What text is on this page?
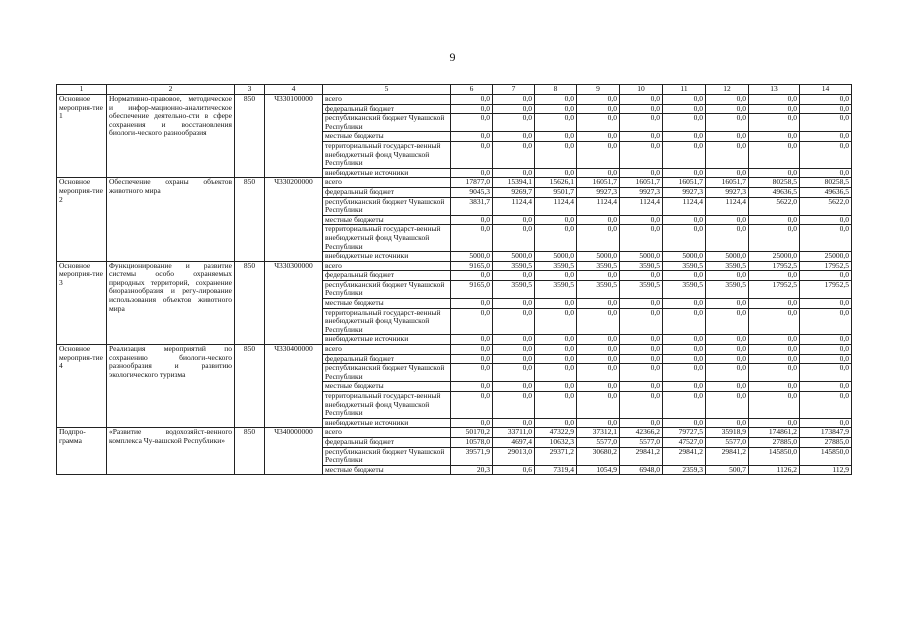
9
1	2	3	4	5	6	7	8	9	10	11	12	13	14
Основное мероприя-тие 1	Нормативно-правовое, методическое и инфор-мационно-аналитическое обеспечение деятельно-сти в сфере сохранения и восстановления биологи-ческого разнообразия	850	Ч330100000	всего	0,0	0,0	0,0	0,0	0,0	0,0	0,0	0,0	0,0
				федеральный бюджет	0,0	0,0	0,0	0,0	0,0	0,0	0,0	0,0	0,0
				республиканский бюджет Чувашской Республики	0,0	0,0	0,0	0,0	0,0	0,0	0,0	0,0	0,0
				местные бюджеты	0,0	0,0	0,0	0,0	0,0	0,0	0,0	0,0	0,0
				территориальный государст-венный внебюджетный фонд Чувашской Республики	0,0	0,0	0,0	0,0	0,0	0,0	0,0	0,0	0,0
				внебюджетные источники	0,0	0,0	0,0	0,0	0,0	0,0	0,0	0,0	0,0
Основное мероприя-тие 2	Обеспечение охраны объектов животного мира	850	Ч330200000	всего	17877,0	15394,1	15626,1	16051,7	16051,7	16051,7	16051,7	80258,5	80258,5
				федеральный бюджет	9045,3	9269,7	9501,7	9927,3	9927,3	9927,3	9927,3	49636,5	49636,5
				республиканский бюджет Чувашской Республики	3831,7	1124,4	1124,4	1124,4	1124,4	1124,4	1124,4	5622,0	5622,0
				местные бюджеты	0,0	0,0	0,0	0,0	0,0	0,0	0,0	0,0	0,0
				территориальный государст-венный внебюджетный фонд Чувашской Республики	0,0	0,0	0,0	0,0	0,0	0,0	0,0	0,0	0,0
				внебюджетные источники	5000,0	5000,0	5000,0	5000,0	5000,0	5000,0	5000,0	25000,0	25000,0
Основное мероприя-тие 3	Функционирование и развитие системы особо охраняемых природных территорий, сохранение биоразнообразия и регу-лирование использования объектов животного мира	850	Ч330300000	всего	9165,0	3590,5	3590,5	3590,5	3590,5	3590,5	3590,5	17952,5	17952,5
				федеральный бюджет	0,0	0,0	0,0	0,0	0,0	0,0	0,0	0,0	0,0
				республиканский бюджет Чувашской Республики	9165,0	3590,5	3590,5	3590,5	3590,5	3590,5	3590,5	17952,5	17952,5
				местные бюджеты	0,0	0,0	0,0	0,0	0,0	0,0	0,0	0,0	0,0
				территориальный государст-венный внебюджетный фонд Чувашской Республики	0,0	0,0	0,0	0,0	0,0	0,0	0,0	0,0	0,0
				внебюджетные источники	0,0	0,0	0,0	0,0	0,0	0,0	0,0	0,0	0,0
Основное мероприя-тие 4	Реализация мероприятий по сохранению биологи-ческого разнообразия и развитию экологического туризма	850	Ч330400000	всего	0,0	0,0	0,0	0,0	0,0	0,0	0,0	0,0	0,0
				федеральный бюджет	0,0	0,0	0,0	0,0	0,0	0,0	0,0	0,0	0,0
				республиканский бюджет Чувашской Республики	0,0	0,0	0,0	0,0	0,0	0,0	0,0	0,0	0,0
				местные бюджеты	0,0	0,0	0,0	0,0	0,0	0,0	0,0	0,0	0,0
				территориальный государст-венный внебюджетный фонд Чувашской Республики	0,0	0,0	0,0	0,0	0,0	0,0	0,0	0,0	0,0
				внебюджетные источники	0,0	0,0	0,0	0,0	0,0	0,0	0,0	0,0	0,0
Подпро-грамма	«Развитие водохозяйст-венного комплекса Чу-вашской Республики»	850	Ч340000000	всего	50170,2	33711,0	47322,9	37312,1	42366,2	79727,5	35918,9	174861,2	173847,9
				федеральный бюджет	10578,0	4697,4	10632,3	5577,0	5577,0	47527,0	5577,0	27885,0	27885,0
				республиканский бюджет Чувашской Республики	39571,9	29013,0	29371,2	30680,2	29841,2	29841,2	29841,2	145850,0	145850,0
				местные бюджеты	20,3	0,6	7319,4	1054,9	6948,0	2359,3	500,7	1126,2	112,9
